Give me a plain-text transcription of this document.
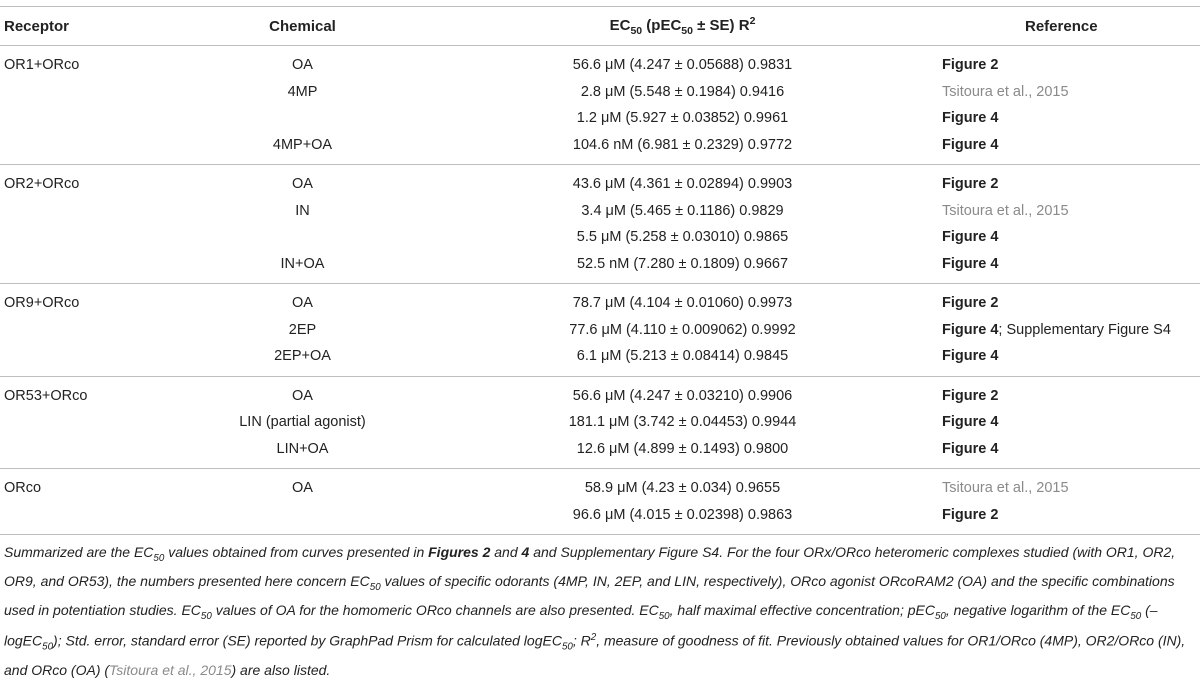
Receptor	Chemical	$EC_{50}$ (pEC$_{50}$ ± SE) $R^2$	Reference
OR1+ORco	OA	56.6 μM (4.247 ± 0.05688) 0.9831	Figure 2
	4MP	2.8 μM (5.548 ± 0.1984) 0.9416	Tsitoura et al., 2015
		1.2 μM (5.927 ± 0.03852) 0.9961	Figure 4
	4MP+OA	104.6 nM (6.981 ± 0.2329) 0.9772	Figure 4
OR2+ORco	OA	43.6 μM (4.361 ± 0.02894) 0.9903	Figure 2
	IN	3.4 μM (5.465 ± 0.1186) 0.9829	Tsitoura et al., 2015
		5.5 μM (5.258 ± 0.03010) 0.9865	Figure 4
	IN+OA	52.5 nM (7.280 ± 0.1809) 0.9667	Figure 4
OR9+ORco	OA	78.7 μM (4.104 ± 0.01060) 0.9973	Figure 2
	2EP	77.6 μM (4.110 ± 0.009062) 0.9992	Figure 4; Supplementary Figure S4
	2EP+OA	6.1 μM (5.213 ± 0.08414) 0.9845	Figure 4
OR53+ORco	OA	56.6 μM (4.247 ± 0.03210) 0.9906	Figure 2
	LIN (partial agonist)	181.1 μM (3.742 ± 0.04453) 0.9944	Figure 4
	LIN+OA	12.6 μM (4.899 ± 0.1493) 0.9800	Figure 4
ORco	OA	58.9 μM (4.23 ± 0.034) 0.9655	Tsitoura et al., 2015
		96.6 μM (4.015 ± 0.02398) 0.9863	Figure 2
Summarized are the $EC_{50}$ values obtained from curves presented in Figures 2 and 4 and Supplementary Figure S4. For the four ORx/ORco heteromeric complexes studied (with OR1, OR2, OR9, and OR53), the numbers presented here concern $EC_{50}$ values of specific odorants (4MP, IN, 2EP, and LIN, respectively), ORco agonist ORcoRAM2 (OA) and the specific combinations used in potentiation studies. $EC_{50}$ values of OA for the homomeric ORco channels are also presented. $EC_{50}$, half maximal effective concentration; pEC$_{50}$, negative logarithm of the $EC_{50}$ (–logEC$_{50}$); Std. error, standard error (SE) reported by GraphPad Prism for calculated logEC$_{50}$; $R^2$, measure of goodness of fit. Previously obtained values for OR1/ORco (4MP), OR2/ORco (IN), and ORco (OA) (Tsitoura et al., 2015) are also listed.
